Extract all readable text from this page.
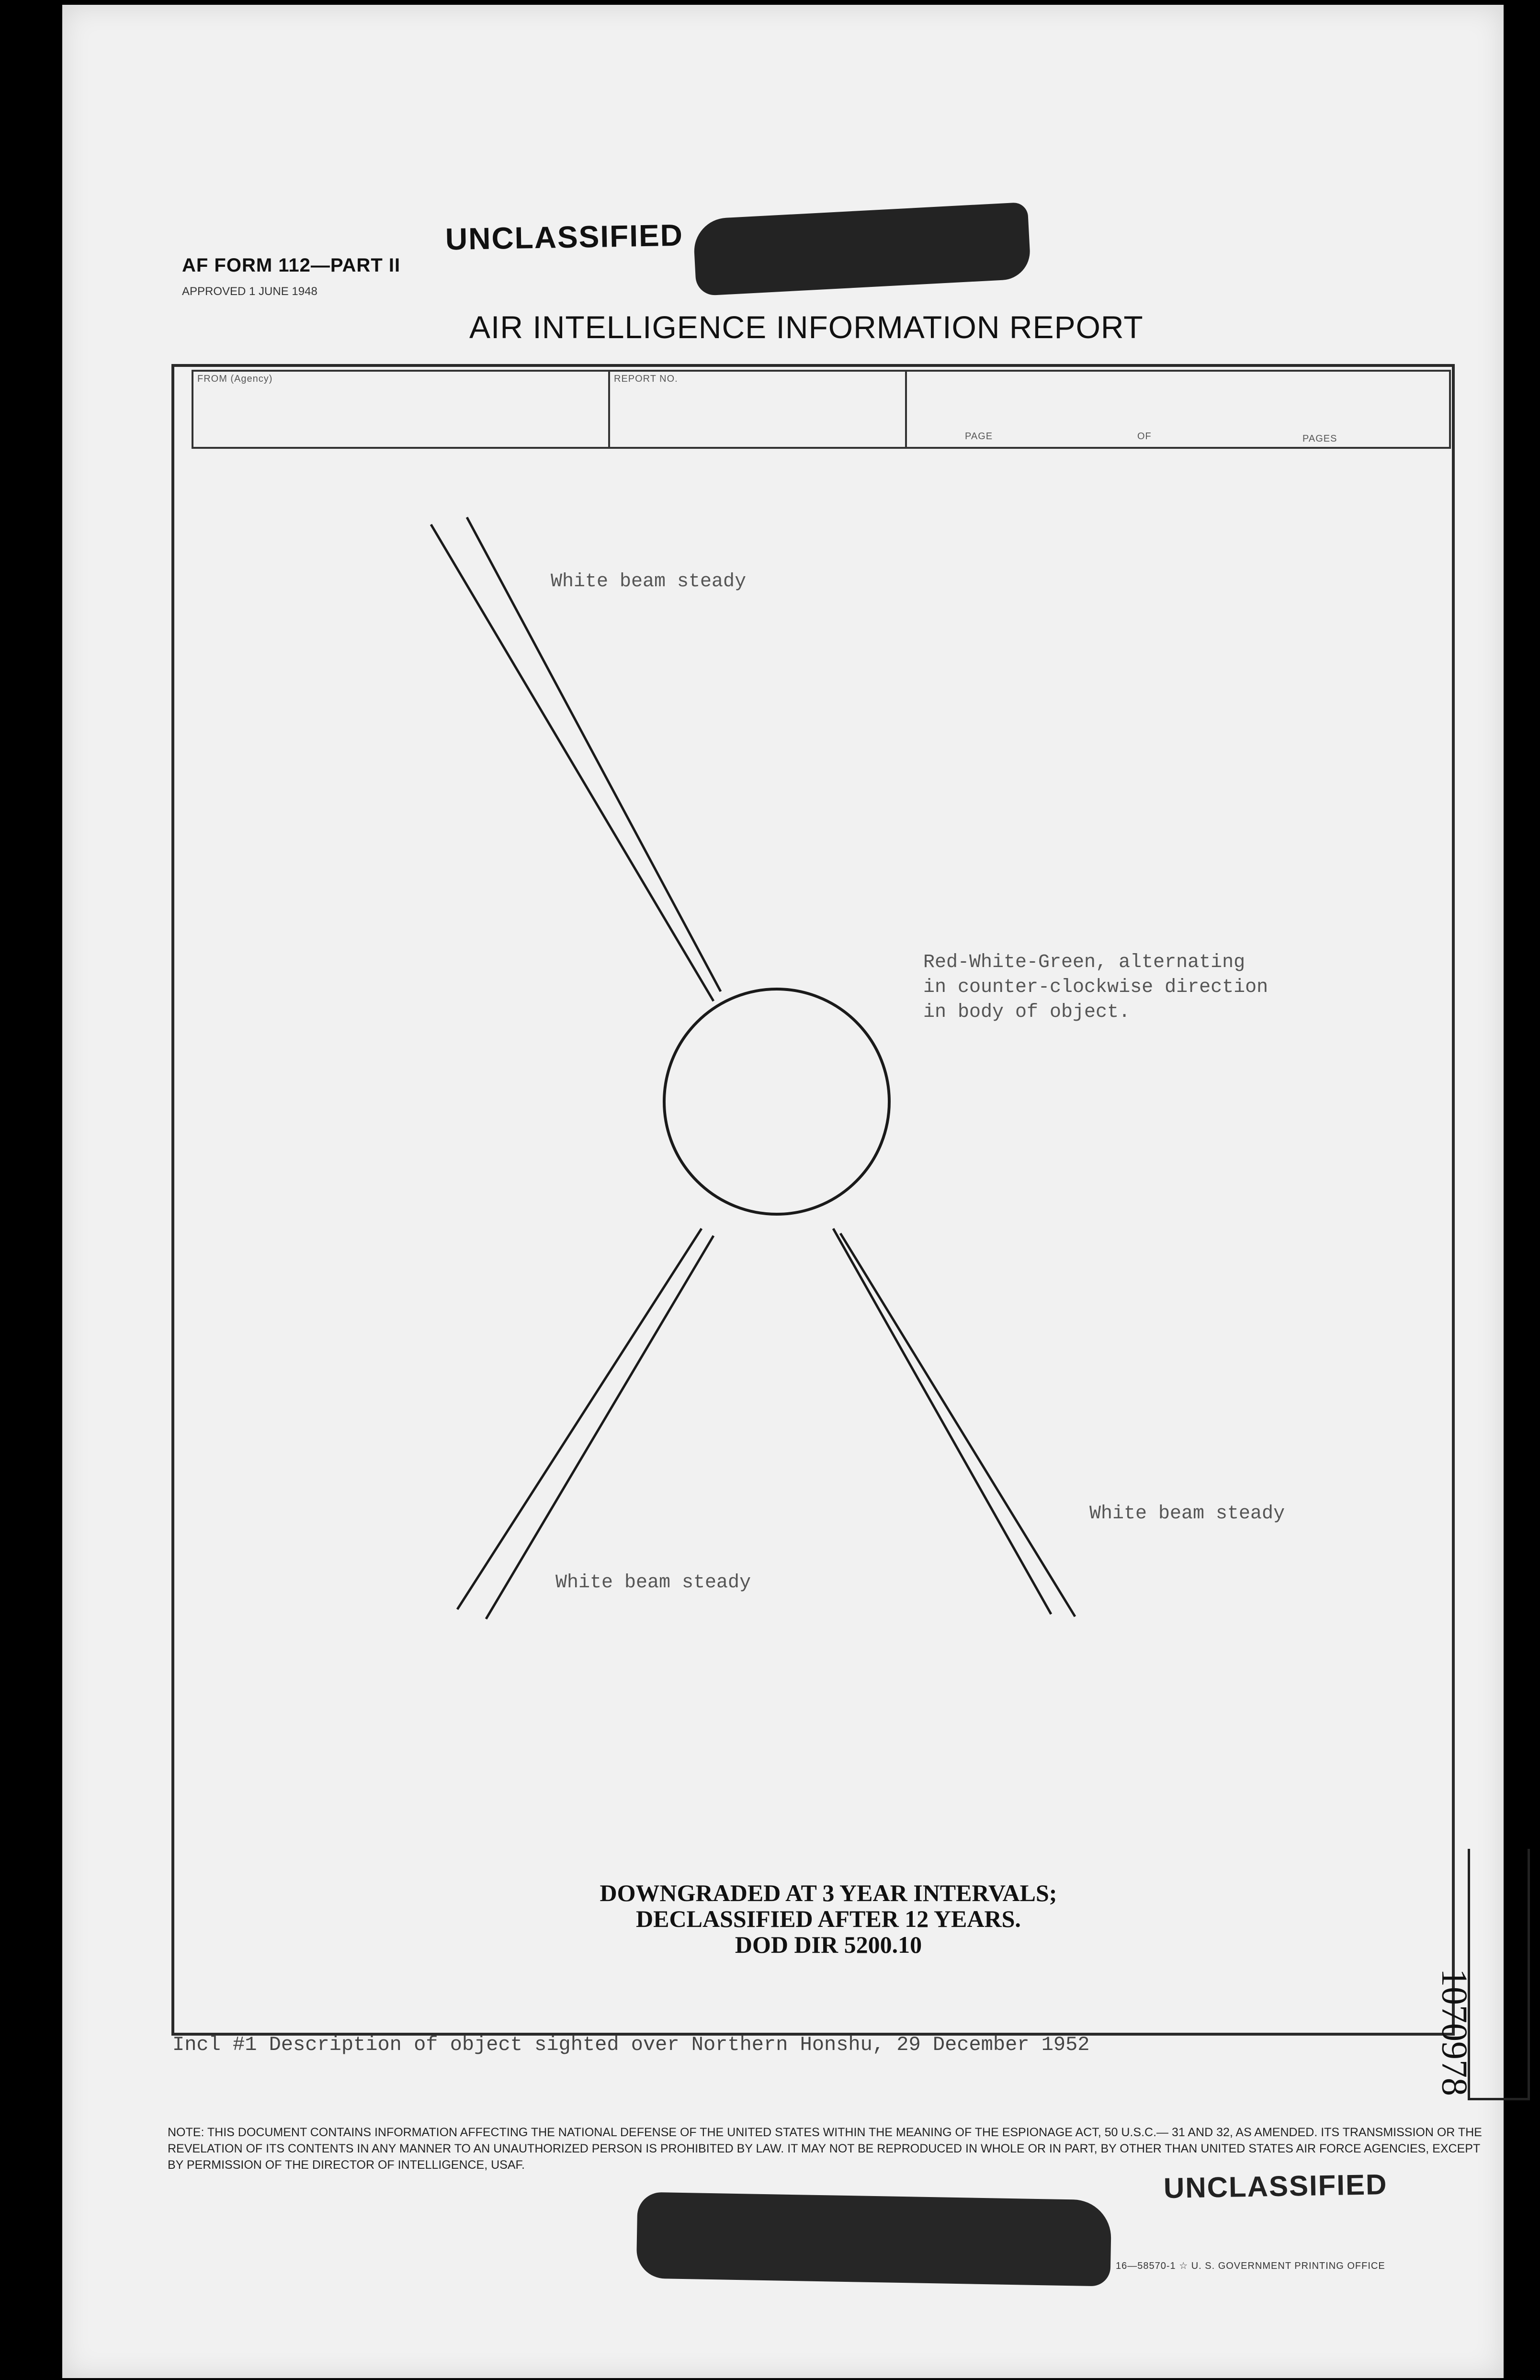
AF FORM 112—PART II
APPROVED 1 JUNE 1948
UNCLASSIFIED
AIR INTELLIGENCE INFORMATION REPORT
FROM (Agency)	REPORT NO.
PAGE	OF	PAGES
White beam steady
Red-White-Green, alternating
in counter-clockwise direction
in body of object.
White beam steady
White beam steady
DOWNGRADED AT 3 YEAR INTERVALS;
DECLASSIFIED AFTER 12 YEARS.
DOD DIR 5200.10
Incl #1 Description of object sighted over Northern Honshu, 29 December 1952
NOTE: THIS DOCUMENT CONTAINS INFORMATION AFFECTING THE NATIONAL DEFENSE OF THE UNITED STATES WITHIN THE MEANING OF THE ESPIONAGE ACT, 50 U.S.C.— 31 AND 32, AS AMENDED. ITS TRANSMISSION OR THE REVELATION OF ITS CONTENTS IN ANY MANNER TO AN UNAUTHORIZED PERSON IS PROHIBITED BY LAW. IT MAY NOT BE REPRODUCED IN WHOLE OR IN PART, BY OTHER THAN UNITED STATES AIR FORCE AGENCIES, EXCEPT BY PERMISSION OF THE DIRECTOR OF INTELLIGENCE, USAF.
UNCLASSIFIED
16—58570-1 ☆ U. S. GOVERNMENT PRINTING OFFICE
1070978
